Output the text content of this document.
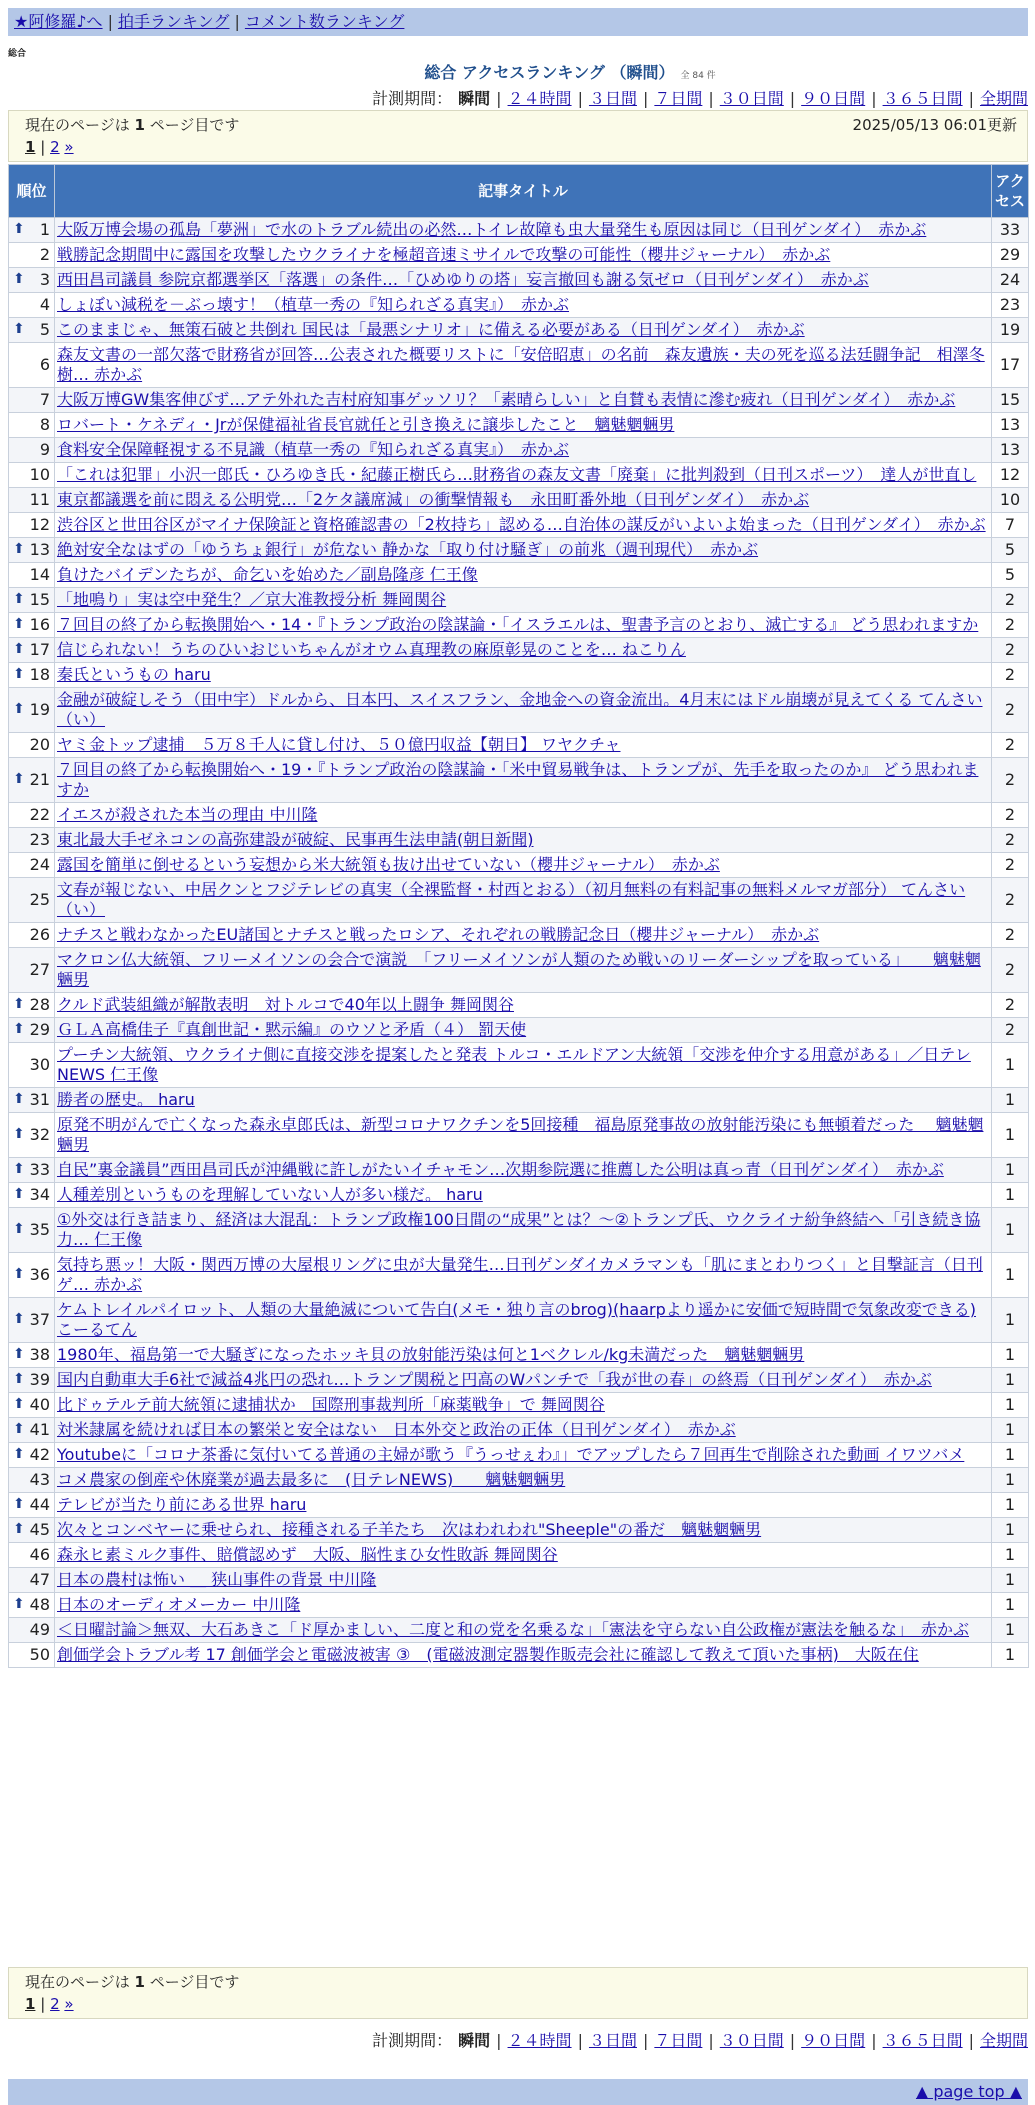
★阿修羅♪へ | 拍手ランキング | コメント数ランキング
総合
総合 アクセスランキング （瞬間） 全 84 件
計測期間： 瞬間 | ２４時間 | ３日間 | ７日間 | ３０日間 | ９０日間 | ３６５日間 | 全期間
現在のページは 1 ページ目です	2025/05/13 06:01更新
1 | 2 »
順位	記事タイトル	アクセス

⬆ 1	大阪万博会場の孤島「夢洲」で水のトラブル続出の必然…トイレ故障も虫大量発生も原因は同じ（日刊ゲンダイ）　赤かぶ	33
2	戦勝記念期間中に露国を攻撃したウクライナを極超音速ミサイルで攻撃の可能性（櫻井ジャーナル）　赤かぶ	29

⬆ 3	西田昌司議員 参院京都選挙区「落選」の条件…「ひめゆりの塔」妄言撤回も謝る気ゼロ（日刊ゲンダイ）　赤かぶ	24
4	しょぼい減税を－ぶっ壊す！（植草一秀の『知られざる真実』）　赤かぶ	23

⬆ 5	このままじゃ、無策石破と共倒れ 国民は「最悪シナリオ」に備える必要がある（日刊ゲンダイ）　赤かぶ	19
6	森友文書の一部欠落で財務省が回答…公表された概要リストに「安倍昭恵」の名前　森友遺族・夫の死を巡る法廷闘争記　相澤冬樹… 赤かぶ	17
7	大阪万博GW集客伸びず…アテ外れた吉村府知事ゲッソリ？「素晴らしい」と自賛も表情に滲む疲れ（日刊ゲンダイ）　赤かぶ	15
8	ロバート・ケネディ・Jrが保健福祉省長官就任と引き換えに譲歩したこと　魑魅魍魎男	13
9	食料安全保障軽視する不見識（植草一秀の『知られざる真実』）　赤かぶ	13
10	「これは犯罪」小沢一郎氏・ひろゆき氏・紀藤正樹氏ら…財務省の森友文書「廃棄」に批判殺到（日刊スポーツ）　達人が世直し	12
11	東京都議選を前に悶える公明党…「2ケタ議席減」の衝撃情報も　永田町番外地（日刊ゲンダイ）　赤かぶ	10
12	渋谷区と世田谷区がマイナ保険証と資格確認書の「2枚持ち」認める…自治体の謀反がいよいよ始まった（日刊ゲンダイ）　赤かぶ	7

⬆ 13	絶対安全なはずの「ゆうちょ銀行」が危ない 静かな「取り付け騒ぎ」の前兆（週刊現代）　赤かぶ	5
14	負けたバイデンたちが、命乞いを始めた／副島隆彦 仁王像	5

⬆ 15	「地鳴り」実は空中発生？／京大准教授分析 舞岡関谷	2

⬆ 16	７回目の終了から転換開始へ・14・『トランプ政治の陰謀論・「イスラエルは、聖書予言のとおり、滅亡する』 どう思われますか	2

⬆ 17	信じられない！うちのひいおじいちゃんがオウム真理教の麻原彰晃のことを… ねこりん	2

⬆ 18	秦氏というもの haru	2

⬆ 19	金融が破綻しそう（田中宇）ドルから、日本円、スイスフラン、金地金への資金流出。4月末にはドル崩壊が見えてくる てんさい（い）	2
20	ヤミ金トップ逮捕　５万８千人に貸し付け、５０億円収益【朝日】 ワヤクチャ	2

⬆ 21	７回目の終了から転換開始へ・19・『トランプ政治の陰謀論・「米中貿易戦争は、トランプが、先手を取ったのか』 どう思われますか	2
22	イエスが殺された本当の理由 中川隆	2
23	東北最大手ゼネコンの高弥建設が破綻、民事再生法申請(朝日新聞)	2
24	露国を簡単に倒せるという妄想から米大統領も抜け出せていない（櫻井ジャーナル）　赤かぶ	2
25	文春が報じない、中居クンとフジテレビの真実（全裸監督・村西とおる）（初月無料の有料記事の無料メルマガ部分） てんさい（い）	2
26	ナチスと戦わなかったEU諸国とナチスと戦ったロシア、それぞれの戦勝記念日（櫻井ジャーナル）　赤かぶ	2
27	マクロン仏大統領、フリーメイソンの会合で演説　「フリーメイソンが人類のため戦いのリーダーシップを取っている」　　魑魅魍魎男	2

⬆ 28	クルド武装組織が解散表明　対トルコで40年以上闘争 舞岡関谷	2

⬆ 29	ＧＬＡ高橋佳子『真創世記・黙示編』のウソと矛盾（４） 罰天使	2
30	プーチン大統領、ウクライナ側に直接交渉を提案したと発表 トルコ・エルドアン大統領「交渉を仲介する用意がある」／日テレNEWS 仁王像	1

⬆ 31	勝者の歴史。 haru	1

⬆ 32	原発不明がんで亡くなった森永卓郎氏は、新型コロナワクチンを5回接種　福島原発事故の放射能汚染にも無頓着だった　 魑魅魍魎男	1

⬆ 33	自民”裏金議員”西田昌司氏が沖縄戦に許しがたいイチャモン…次期参院選に推薦した公明は真っ青（日刊ゲンダイ）　赤かぶ	1

⬆ 34	人種差別というものを理解していない人が多い様だ。 haru	1

⬆ 35	①外交は行き詰まり、経済は大混乱：トランプ政権100日間の“成果”とは？～②トランプ氏、ウクライナ紛争終結へ「引き続き協力… 仁王像	1

⬆ 36	気持ち悪ッ！大阪・関西万博の大屋根リングに虫が大量発生…日刊ゲンダイカメラマンも「肌にまとわりつく」と目撃証言（日刊ゲ… 赤かぶ	1

⬆ 37	ケムトレイルパイロット、人類の大量絶滅について告白(メモ・独り言のbrog)(haarpより遥かに安価で短時間で気象改変できる) こーるてん	1

⬆ 38	1980年、福島第一で大騒ぎになったホッキ貝の放射能汚染は何と1ベクレル/kg未満だった　魑魅魍魎男	1

⬆ 39	国内自動車大手6社で減益4兆円の恐れ…トランプ関税と円高のWパンチで「我が世の春」の終焉（日刊ゲンダイ）　赤かぶ	1

⬆ 40	比ドゥテルテ前大統領に逮捕状か　国際刑事裁判所「麻薬戦争」で 舞岡関谷	1

⬆ 41	対米隷属を続ければ日本の繁栄と安全はない　日本外交と政治の正体（日刊ゲンダイ）　赤かぶ	1

⬆ 42	Youtubeに「コロナ茶番に気付いてる普通の主婦が歌う『うっせぇわ』」でアップしたら７回再生で削除された動画 イワツバメ	1
43	コメ農家の倒産や休廃業が過去最多に　(日テレNEWS)　　魑魅魍魎男	1

⬆ 44	テレビが当たり前にある世界 haru	1

⬆ 45	次々とコンベヤーに乗せられ、接種される子羊たち　次はわれわれ"Sheeple"の番だ　魑魅魍魎男	1
46	森永ヒ素ミルク事件、賠償認めず　大阪、脳性まひ女性敗訴 舞岡関谷	1
47	日本の農村は怖い ＿ 狭山事件の背景 中川隆	1

⬆ 48	日本のオーディオメーカー 中川隆	1
49	＜日曜討論＞無双、大石あきこ「ド厚かましい、二度と和の党を名乗るな」「憲法を守らない自公政権が憲法を触るな」　赤かぶ	1
50	創価学会トラブル考 17 創価学会と電磁波被害 ③　(電磁波測定器製作販売会社に確認して教えて頂いた事柄)　大阪在住	1
現在のページは 1 ページ目です
1 | 2 »
計測期間： 瞬間 | ２４時間 | ３日間 | ７日間 | ３０日間 | ９０日間 | ３６５日間 | 全期間
▲ page top ▲
